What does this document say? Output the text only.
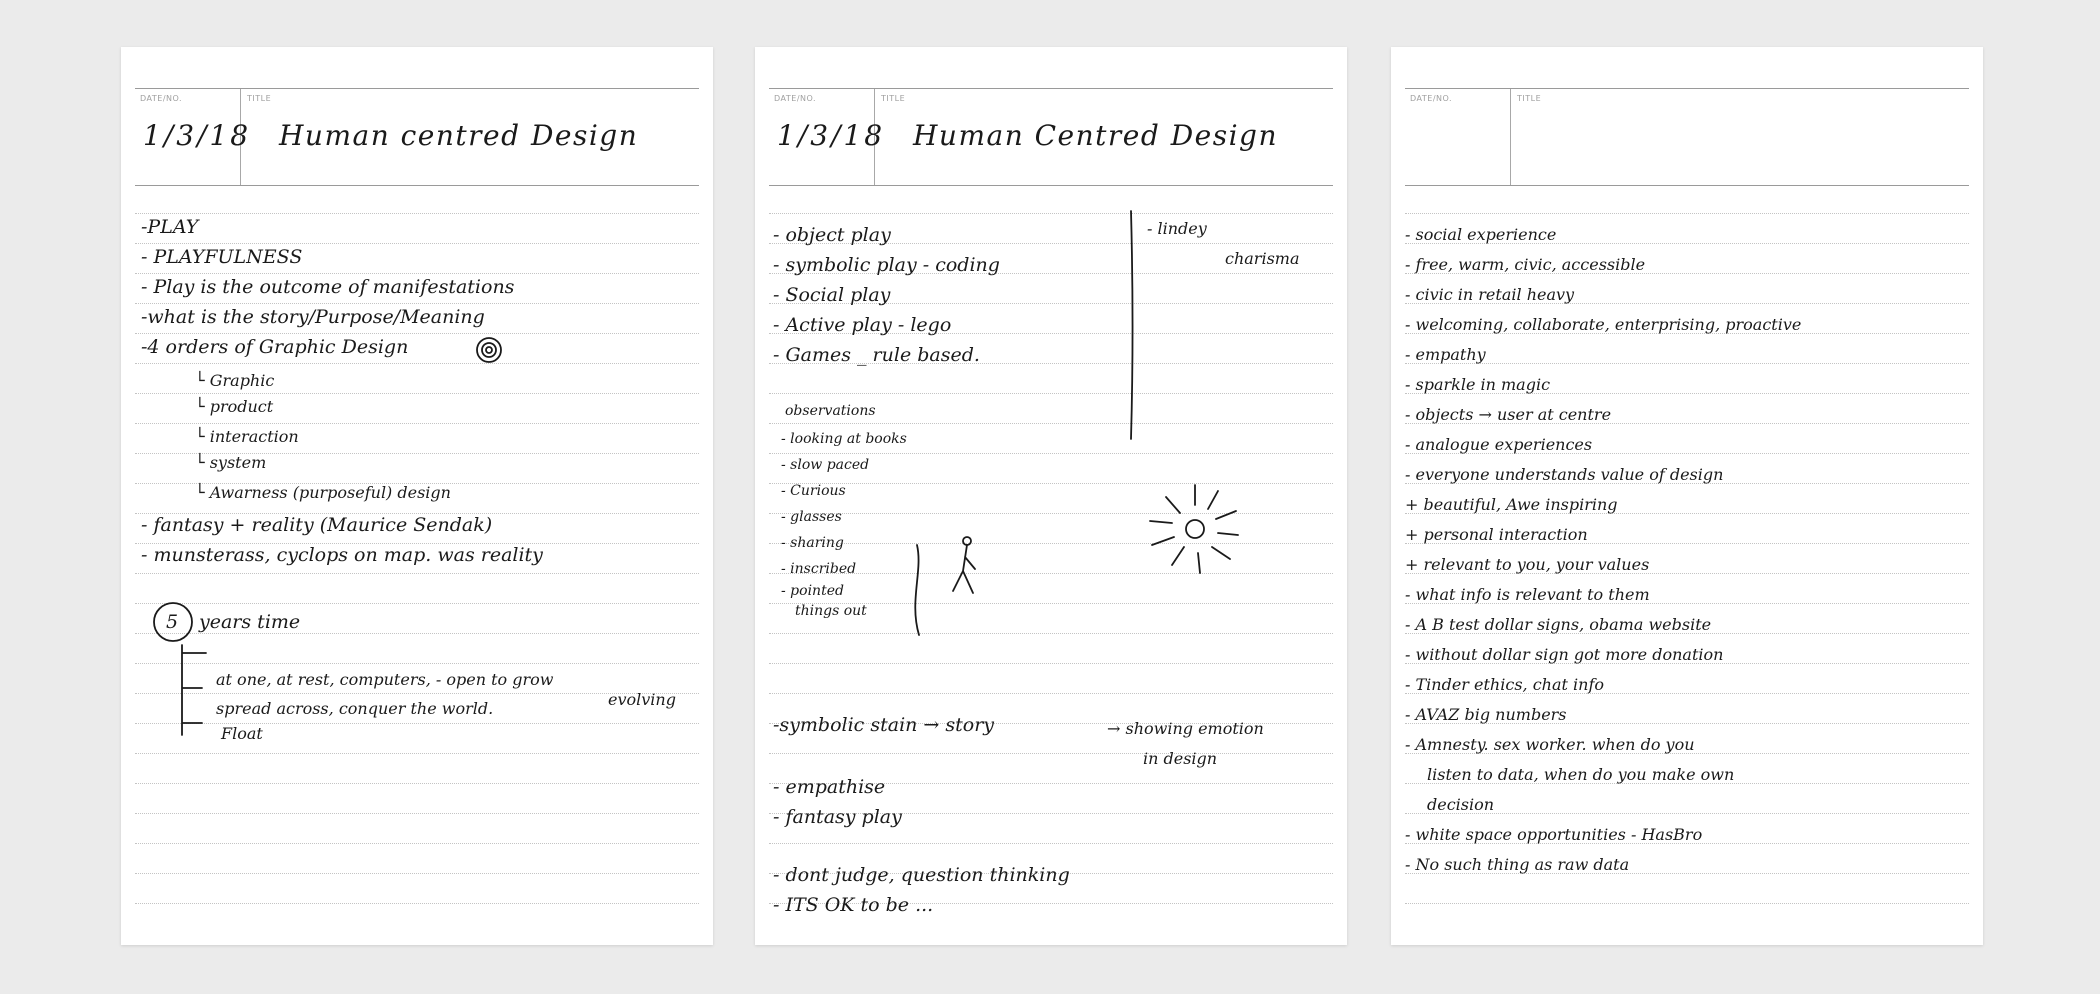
DATE/NO.	TITLE
1/3/18 Human centred Design
-PLAY
- PLAYFULNESS
- Play is the outcome of manifestations
-what is the story/Purpose/Meaning
-4 orders of Graphic Design
└ Graphic
└ product
└ interaction
└ system
└ Awarness (purposeful) design
- fantasy + reality (Maurice Sendak)
- munsterass, cyclops on map. was reality
5 years time
at one, at rest, computers, - open to grow
spread across, conquer the world.
Float
evolving
DATE/NO.	TITLE
1/3/18 Human Centred Design
- object play
- symbolic play - coding
- Social play
- Active play - lego
- Games _ rule based.
- lindey
charisma
observations
- looking at books
- slow paced
- Curious
- glasses
- sharing
- inscribed
- pointed
things out
-symbolic stain → story	→ showing emotion
in design
- empathise
- fantasy play
- dont judge, question thinking
- ITS OK to be ...
DATE/NO.	TITLE
- social experience
- free, warm, civic, accessible
- civic in retail heavy
- welcoming, collaborate, enterprising, proactive
- empathy
- sparkle in magic
- objects → user at centre
- analogue experiences
- everyone understands value of design
+ beautiful, Awe inspiring
+ personal interaction
+ relevant to you, your values
- what info is relevant to them
- A B test dollar signs, obama website
- without dollar sign got more donation
- Tinder ethics, chat info
- AVAZ big numbers
- Amnesty. sex worker. when do you
listen to data, when do you make own
decision
- white space opportunities - HasBro
- No such thing as raw data
